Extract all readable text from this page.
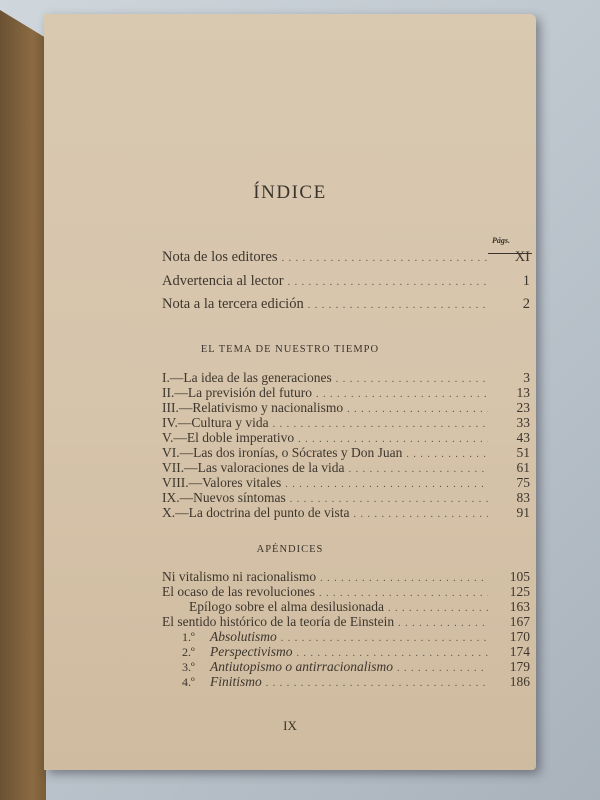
ÍNDICE
Págs.
Nota de los editores . . .	XI
Advertencia al lector . . .	1
Nota a la tercera edición . . .	2
EL TEMA DE NUESTRO TIEMPO
I.—La idea de las generaciones . . .	3
II.—La previsión del futuro . . .	13
III.—Relativismo y nacionalismo . . .	23
IV.—Cultura y vida . . .	33
V.—El doble imperativo . . .	43
VI.—Las dos ironías, o Sócrates y Don Juan . . .	51
VII.—Las valoraciones de la vida . . .	61
VIII.—Valores vitales . . .	75
IX.—Nuevos síntomas . . .	83
X.—La doctrina del punto de vista . . .	91
APÉNDICES
Ni vitalismo ni racionalismo . . .	105
El ocaso de las revoluciones . . .	125
Epílogo sobre el alma desilusionada . . .	163
El sentido histórico de la teoría de Einstein . . .	167
1.º	Absolutismo . . .	170
2.º	Perspectivismo . . .	174
3.º	Antiutopismo o antirracionalismo . . .	179
4.º	Finitismo . . .	186
IX
